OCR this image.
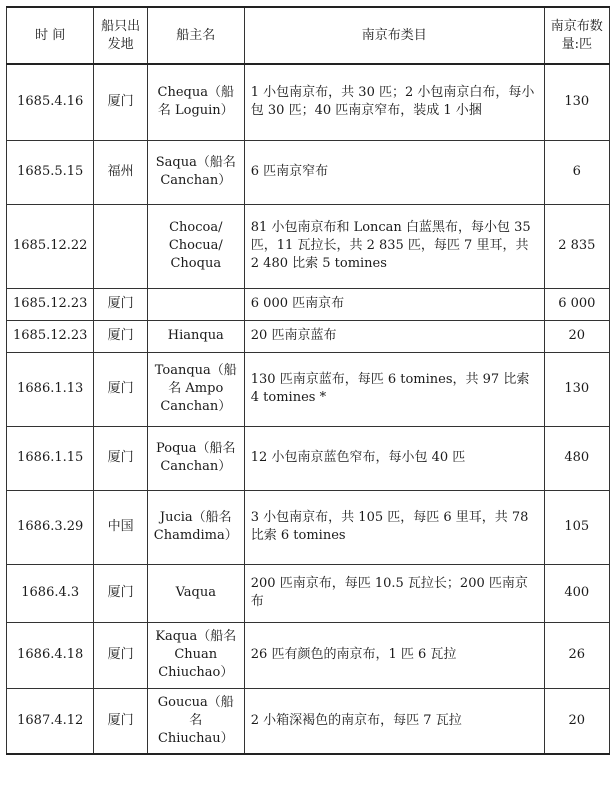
时 间	船只出发地	船主名	南京布类目	南京布数量:匹
1685.4.16	厦门	Chequa（船名 Loguin）	1 小包南京布，共 30 匹；2 小包南京白布，每小包 30 匹；40 匹南京窄布，装成 1 小捆	130
1685.5.15	福州	Saqua（船名 Canchan）	6 匹南京窄布	6
1685.12.22		Chocoa/ Chocua/ Choqua	81 小包南京布和 Loncan 白蓝黑布，每小包 35 匹，11 瓦拉长，共 2 835 匹，每匹 7 里耳，共 2 480 比索 5 tomines	2 835
1685.12.23	厦门		6 000 匹南京布	6 000
1685.12.23	厦门	Hianqua	20 匹南京蓝布	20
1686.1.13	厦门	Toanqua（船名 Ampo Canchan）	130 匹南京蓝布，每匹 6 tomines，共 97 比索 4 tomines *	130
1686.1.15	厦门	Poqua（船名 Canchan）	12 小包南京蓝色窄布，每小包 40 匹	480
1686.3.29	中国	Jucia（船名 Chamdima）	3 小包南京布，共 105 匹，每匹 6 里耳，共 78 比索 6 tomines	105
1686.4.3	厦门	Vaqua	200 匹南京布，每匹 10.5 瓦拉长；200 匹南京布	400
1686.4.18	厦门	Kaqua（船名 Chuan Chiuchao）	26 匹有颜色的南京布，1 匹 6 瓦拉	26
1687.4.12	厦门	Goucua（船名 Chiuchau）	2 小箱深褐色的南京布，每匹 7 瓦拉	20
